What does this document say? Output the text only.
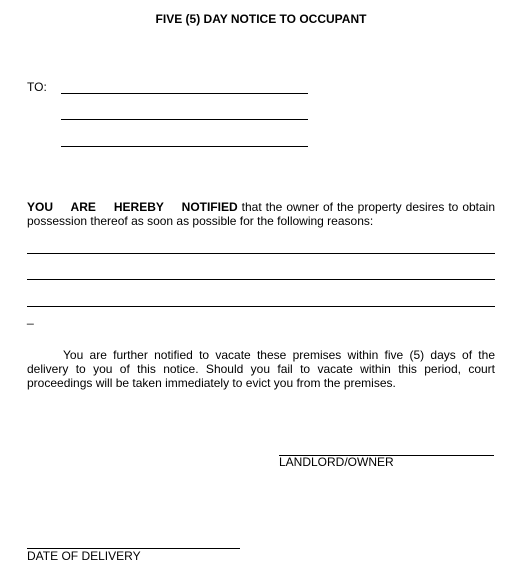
FIVE (5) DAY NOTICE TO OCCUPANT
TO:
YOU ARE HEREBY NOTIFIED that the owner of the property desires to obtain possession thereof as soon as possible for the following reasons:
_
You are further notified to vacate these premises within five (5) days of the delivery to you of this notice. Should you fail to vacate within this period, court proceedings will be taken immediately to evict you from the premises.
LANDLORD/OWNER
DATE OF DELIVERY
